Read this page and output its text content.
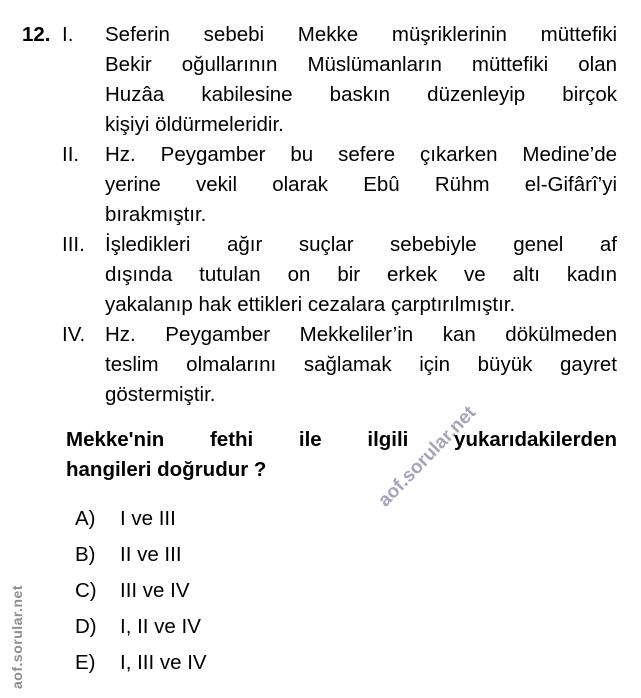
aof.sorular.net
aof.sorular.net
12. I.	Seferin sebebi Mekke müşriklerinin müttefiki
Bekir oğullarının Müslümanların müttefiki olan
Huzâa kabilesine baskın düzenleyip birçok
kişiyi öldürmeleridir.
II.	Hz. Peygamber bu sefere çıkarken Medine’de
yerine vekil olarak Ebû Rühm el-Gifârî’yi
bırakmıştır.
III. İşledikleri ağır suçlar sebebiyle genel af
dışında tutulan on bir erkek ve altı kadın
yakalanıp hak ettikleri cezalara çarptırılmıştır.
IV. Hz. Peygamber Mekkeliler’in kan dökülmeden
teslim olmalarını sağlamak için büyük gayret
göstermiştir.
Mekke'nin fethi ile ilgili yukarıdakilerden
hangileri doğrudur ?
A)	I ve III
B)	II ve III
C)	III ve IV
D)	I, II ve IV
E)	I, III ve IV
